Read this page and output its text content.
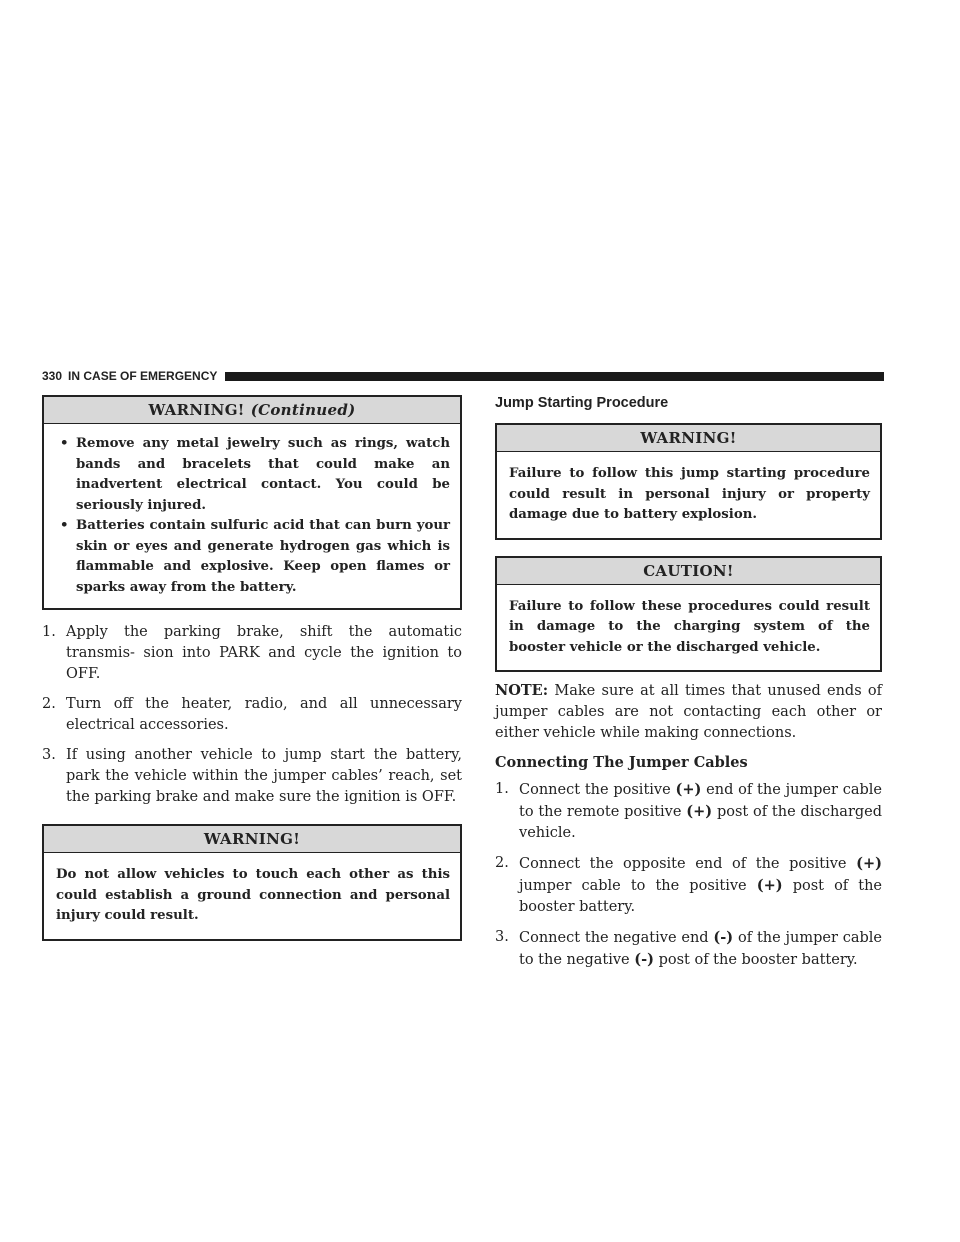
330 IN CASE OF EMERGENCY
WARNING! (Continued)
• Remove any metal jewelry such as rings, watch bands and bracelets that could make an inadvertent electrical contact. You could be seriously injured.
• Batteries contain sulfuric acid that can burn your skin or eyes and generate hydrogen gas which is flammable and explosive. Keep open flames or sparks away from the battery.
1. Apply the parking brake, shift the automatic transmis- sion into PARK and cycle the ignition to OFF.
2. Turn off the heater, radio, and all unnecessary electrical accessories.
3. If using another vehicle to jump start the battery, park the vehicle within the jumper cables’ reach, set the parking brake and make sure the ignition is OFF.
WARNING!
Do not allow vehicles to touch each other as this could establish a ground connection and personal injury could result.
Jump Starting Procedure
WARNING!
Failure to follow this jump starting procedure could result in personal injury or property damage due to battery explosion.
CAUTION!
Failure to follow these procedures could result in damage to the charging system of the booster vehicle or the discharged vehicle.

NOTE: Make sure at all times that unused ends of jumper cables are not contacting each other or either vehicle while making connections.

Connecting The Jumper Cables
1. Connect the positive (+) end of the jumper cable to the remote positive (+) post of the discharged vehicle.
2. Connect the opposite end of the positive (+) jumper cable to the positive (+) post of the booster battery.
3. Connect the negative end (-) of the jumper cable to the negative (-) post of the booster battery.
